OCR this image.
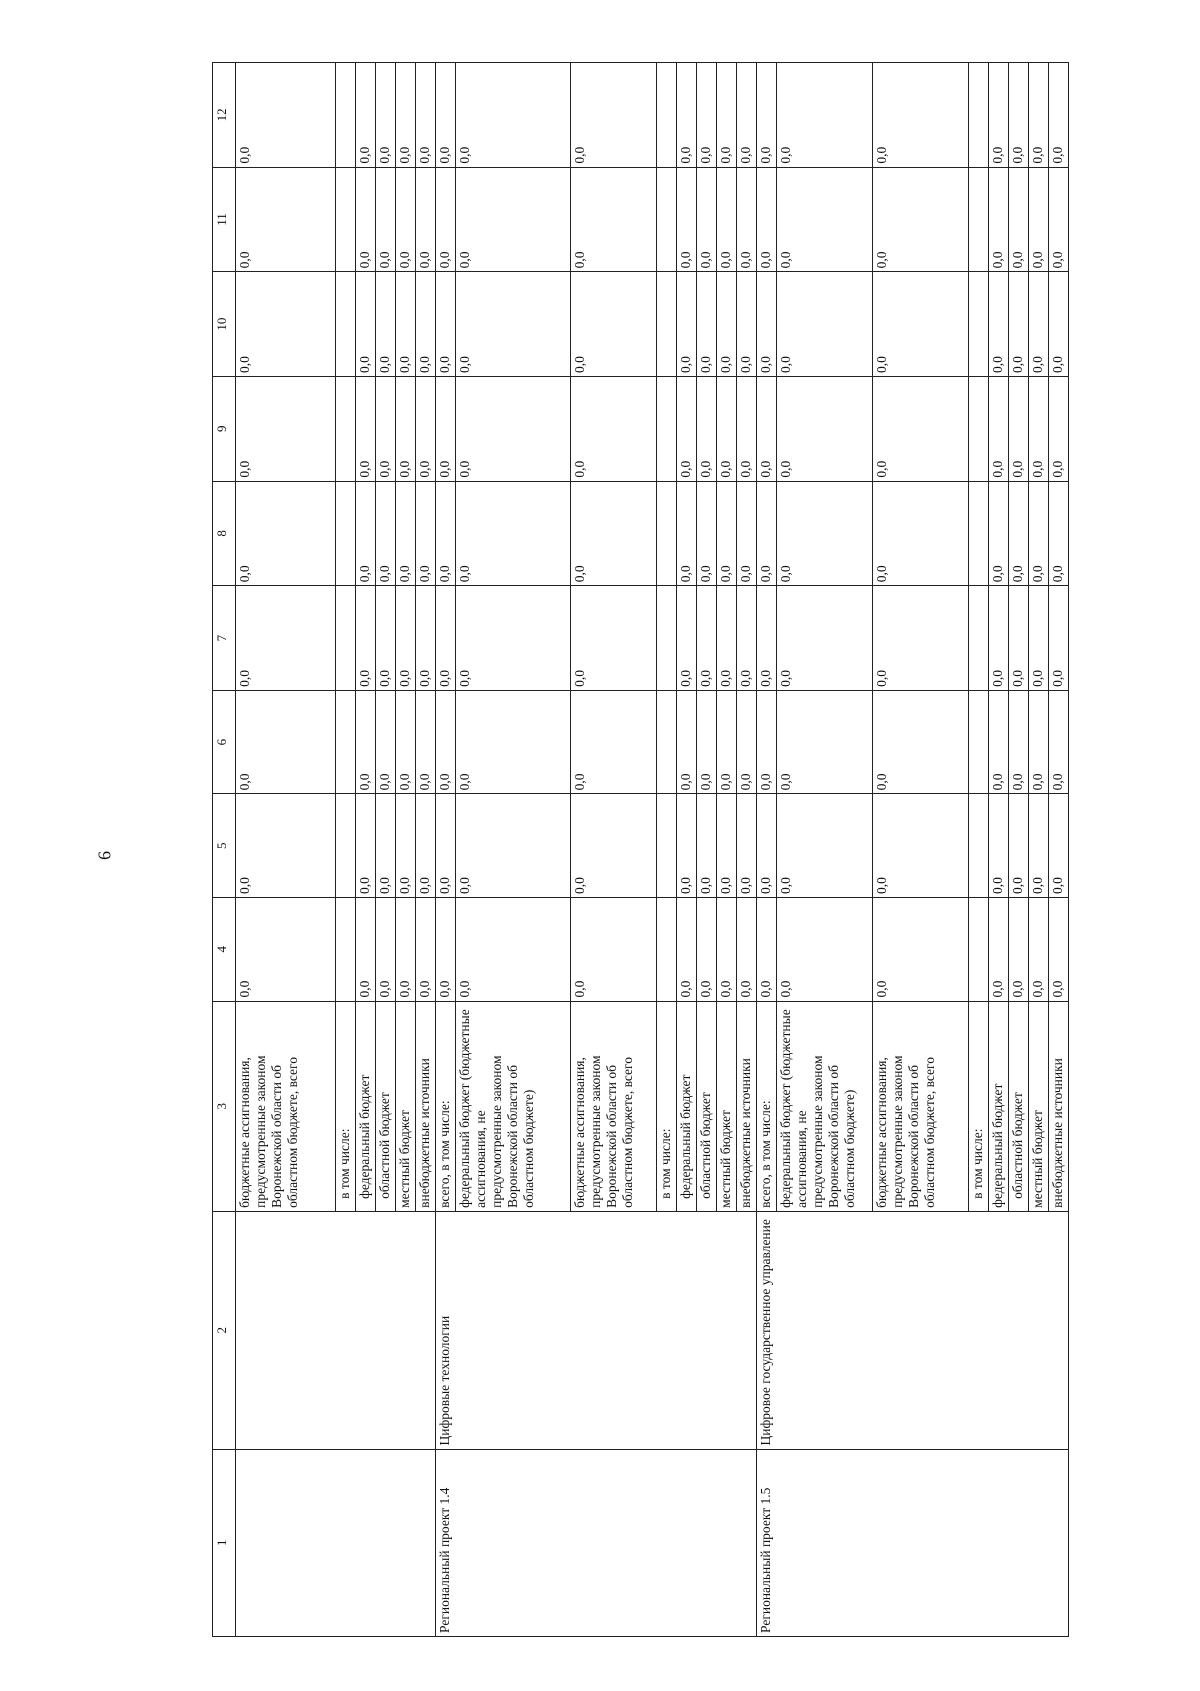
6
1	2	3	4	5	6	7	8	9	10	11	12
		бюджетные ассигнования, предусмотренные законом Воронежской области об областном бюджете, всего	0,0	0,0	0,0	0,0	0,0	0,0	0,0	0,0	0,0
		в том числе:									
		федеральный бюджет	0,0	0,0	0,0	0,0	0,0	0,0	0,0	0,0	0,0
		областной бюджет	0,0	0,0	0,0	0,0	0,0	0,0	0,0	0,0	0,0
		местный бюджет	0,0	0,0	0,0	0,0	0,0	0,0	0,0	0,0	0,0
		внебюджетные источники	0,0	0,0	0,0	0,0	0,0	0,0	0,0	0,0	0,0
Региональный проект 1.4	Цифровые технологии	всего, в том числе:	0,0	0,0	0,0	0,0	0,0	0,0	0,0	0,0	0,0
		федеральный бюджет (бюджетные ассигнования, не предусмотренные законом Воронежской области об областном бюджете)	0,0	0,0	0,0	0,0	0,0	0,0	0,0	0,0	0,0
		бюджетные ассигнования, предусмотренные законом Воронежской области об областном бюджете, всего	0,0	0,0	0,0	0,0	0,0	0,0	0,0	0,0	0,0
		в том числе:									
		федеральный бюджет	0,0	0,0	0,0	0,0	0,0	0,0	0,0	0,0	0,0
		областной бюджет	0,0	0,0	0,0	0,0	0,0	0,0	0,0	0,0	0,0
		местный бюджет	0,0	0,0	0,0	0,0	0,0	0,0	0,0	0,0	0,0
		внебюджетные источники	0,0	0,0	0,0	0,0	0,0	0,0	0,0	0,0	0,0
Региональный проект 1.5	Цифровое государственное управление	всего, в том числе:	0,0	0,0	0,0	0,0	0,0	0,0	0,0	0,0	0,0
		федеральный бюджет (бюджетные ассигнования, не предусмотренные законом Воронежской области об областном бюджете)	0,0	0,0	0,0	0,0	0,0	0,0	0,0	0,0	0,0
		бюджетные ассигнования, предусмотренные законом Воронежской области об областном бюджете, всего	0,0	0,0	0,0	0,0	0,0	0,0	0,0	0,0	0,0
		в том числе:									
		федеральный бюджет	0,0	0,0	0,0	0,0	0,0	0,0	0,0	0,0	0,0
		областной бюджет	0,0	0,0	0,0	0,0	0,0	0,0	0,0	0,0	0,0
		местный бюджет	0,0	0,0	0,0	0,0	0,0	0,0	0,0	0,0	0,0
		внебюджетные источники	0,0	0,0	0,0	0,0	0,0	0,0	0,0	0,0	0,0
